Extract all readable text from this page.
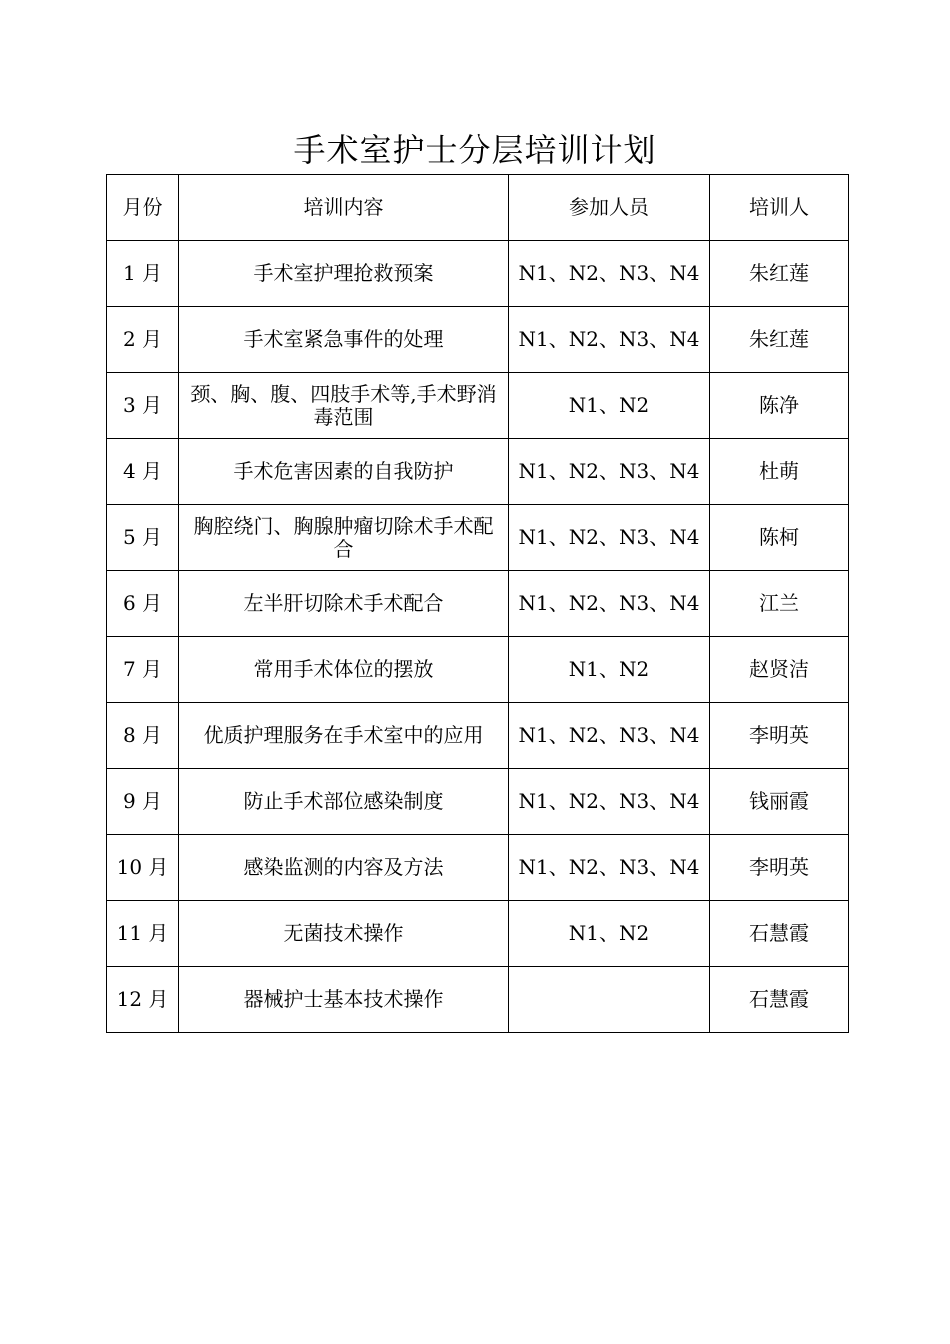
手术室护士分层培训计划
月份	培训内容	参加人员	培训人
1 月	手术室护理抢救预案	N1、N2、N3、N4	朱红莲
2 月	手术室紧急事件的处理	N1、N2、N3、N4	朱红莲
3 月	颈、胸、腹、四肢手术等,手术野消毒范围	N1、N2	陈净
4 月	手术危害因素的自我防护	N1、N2、N3、N4	杜萌
5 月	胸腔绕门、胸腺肿瘤切除术手术配合	N1、N2、N3、N4	陈柯
6 月	左半肝切除术手术配合	N1、N2、N3、N4	江兰
7 月	常用手术体位的摆放	N1、N2	赵贤洁
8 月	优质护理服务在手术室中的应用	N1、N2、N3、N4	李明英
9 月	防止手术部位感染制度	N1、N2、N3、N4	钱丽霞
10 月	感染监测的内容及方法	N1、N2、N3、N4	李明英
11 月	无菌技术操作	N1、N2	石慧霞
12 月	器械护士基本技术操作		石慧霞
